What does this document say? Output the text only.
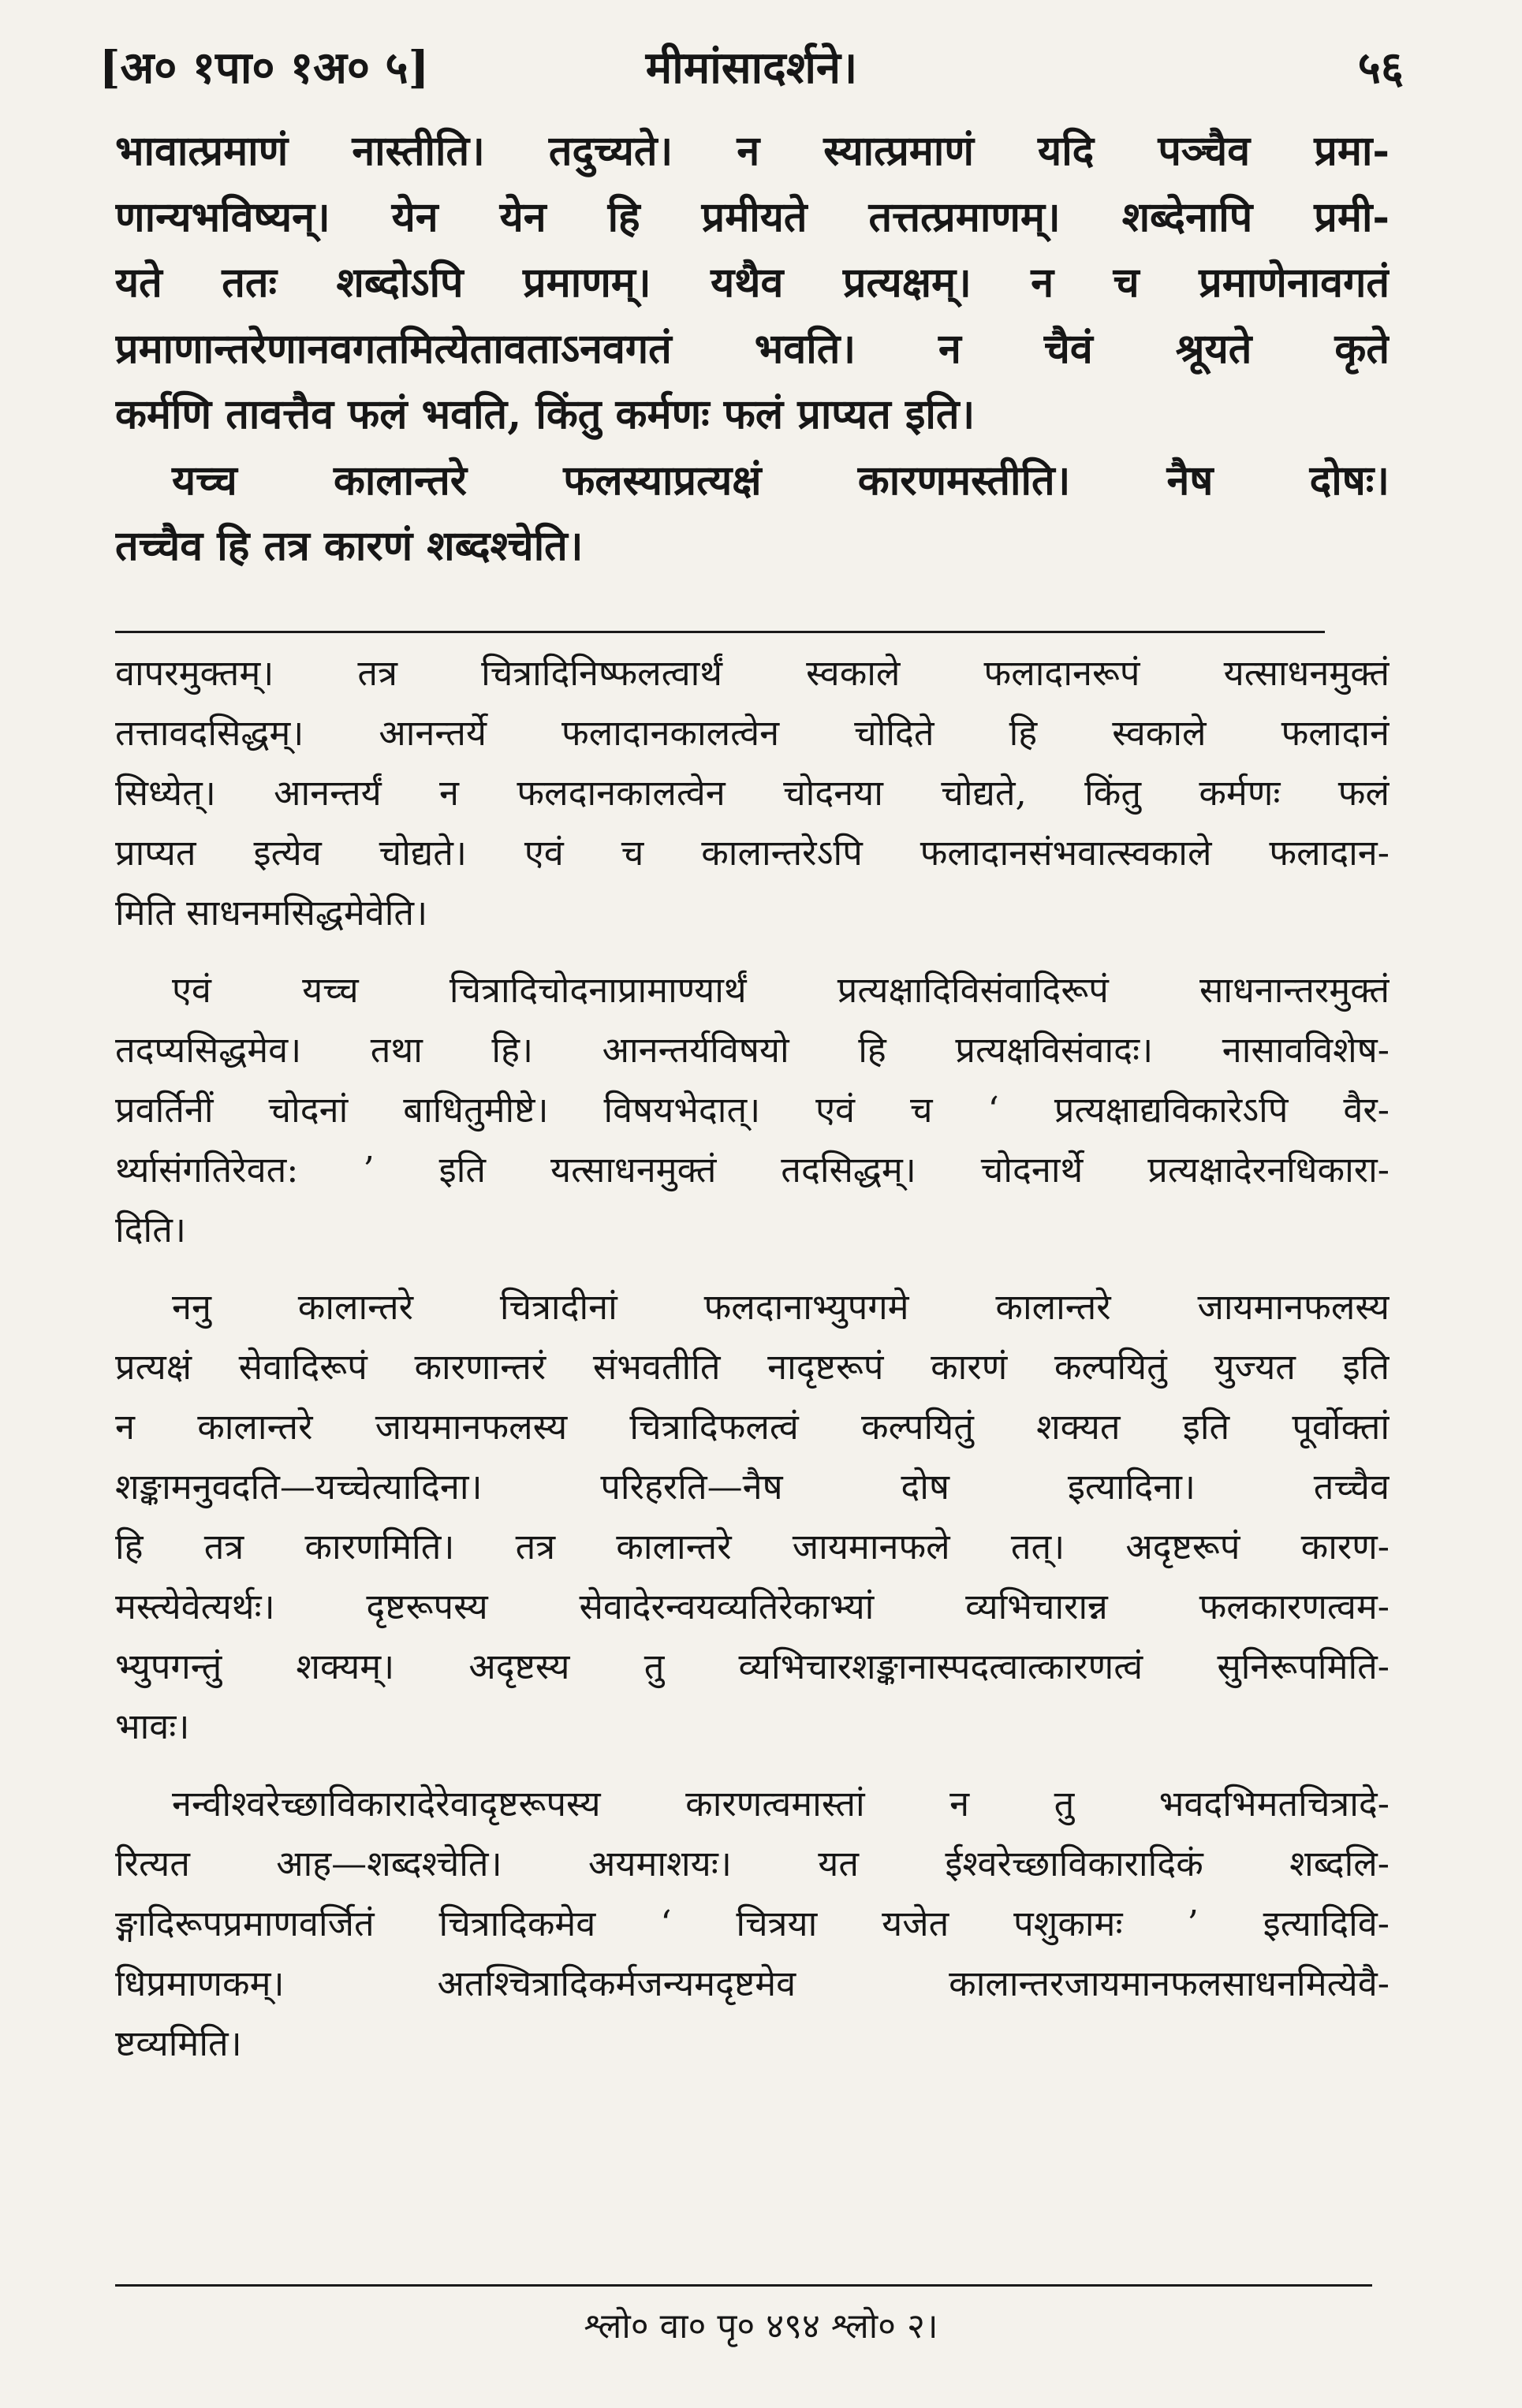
[अ० १पा० १अ० ५]	मीमांसादर्शने।	५६
भावात्प्रमाणं नास्तीति। तदुच्यते। न स्यात्प्रमाणं यदि पञ्चैव प्रमा-
णान्यभविष्यन्। येन येन हि प्रमीयते तत्तत्प्रमाणम्। शब्देनापि प्रमी-
यते ततः शब्दोऽपि प्रमाणम्। यथैव प्रत्यक्षम्। न च प्रमाणेनावगतं
प्रमाणान्तरेणानवगतमित्येतावताऽनवगतं भवति। न चैवं श्रूयते कृते
कर्मणि तावत्तैव फलं भवति, किंतु कर्मणः फलं प्राप्यत इति।
यच्च कालान्तरे फलस्याप्रत्यक्षं कारणमस्तीति। नैष दोषः।
तच्चैव हि तत्र कारणं शब्दश्चेति।
वापरमुक्तम्। तत्र चित्रादिनिष्फलत्वार्थं स्वकाले फलादानरूपं यत्साधनमुक्तं
तत्तावदसिद्धम्। आनन्तर्ये फलादानकालत्वेन चोदिते हि स्वकाले फलादानं
सिध्येत्। आनन्तर्यं न फलदानकालत्वेन चोदनया चोद्यते, किंतु कर्मणः फलं
प्राप्यत इत्येव चोद्यते। एवं च कालान्तरेऽपि फलादानसंभवात्स्वकाले फलादान-
मिति साधनमसिद्धमेवेति।
एवं यच्च चित्रादिचोदनाप्रामाण्यार्थं प्रत्यक्षादिविसंवादिरूपं साधनान्तरमुक्तं
तदप्यसिद्धमेव। तथा हि। आनन्तर्यविषयो हि प्रत्यक्षविसंवादः। नासावविशेष-
प्रवर्तिनीं चोदनां बाधितुमीष्टे। विषयभेदात्। एवं च ‘ प्रत्यक्षाद्यविकारेऽपि वैर-
र्थ्यासंगतिरेवत: ’ इति यत्साधनमुक्तं तदसिद्धम्। चोदनार्थे प्रत्यक्षादेरनधिकारा-
दिति।
ननु कालान्तरे चित्रादीनां फलदानाभ्युपगमे कालान्तरे जायमानफलस्य
प्रत्यक्षं सेवादिरूपं कारणान्तरं संभवतीति नादृष्टरूपं कारणं कल्पयितुं युज्यत इति
न कालान्तरे जायमानफलस्य चित्रादिफलत्वं कल्पयितुं शक्यत इति पूर्वोक्तां
शङ्कामनुवदति—यच्चेत्यादिना। परिहरति—नैष दोष इत्यादिना। तच्चैव
हि तत्र कारणमिति। तत्र कालान्तरे जायमानफले तत्। अदृष्टरूपं कारण-
मस्त्येवेत्यर्थः। दृष्टरूपस्य सेवादेरन्वयव्यतिरेकाभ्यां व्यभिचारान्न फलकारणत्वम-
भ्युपगन्तुं शक्यम्। अदृष्टस्य तु व्यभिचारशङ्कानास्पदत्वात्कारणत्वं सुनिरूपमिति-
भावः।
नन्वीश्वरेच्छाविकारादेरेवादृष्टरूपस्य कारणत्वमास्तां न तु भवदभिमतचित्रादे-
रित्यत आह—शब्दश्चेति। अयमाशयः। यत ईश्वरेच्छाविकारादिकं शब्दलि-
ङ्गादिरूपप्रमाणवर्जितं चित्रादिकमेव ‘ चित्रया यजेत पशुकामः ’ इत्यादिवि-
धिप्रमाणकम्। अतश्चित्रादिकर्मजन्यमदृष्टमेव कालान्तरजायमानफलसाधनमित्येवै-
ष्टव्यमिति।
श्लो० वा० पृ० ४९४ श्लो० २।
